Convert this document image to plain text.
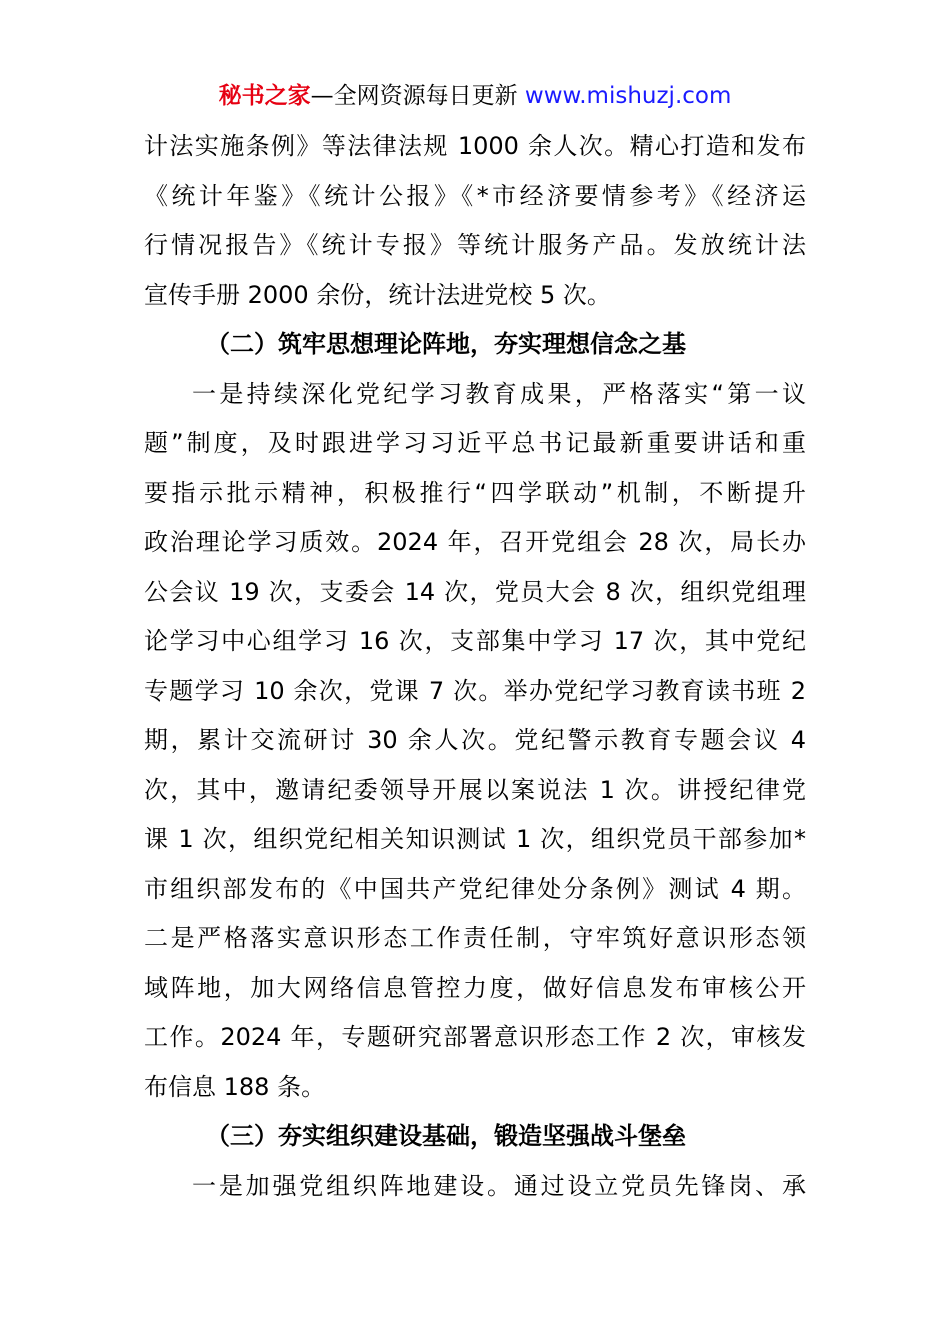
秘书之家—全网资源每日更新 www.mishuzj.com
计法实施条例》等法律法规 1000 余人次。精心打造和发布
《统计年鉴》《统计公报》《*市经济要情参考》《经济运
行情况报告》《统计专报》等统计服务产品。发放统计法
宣传手册 2000 余份，统计法进党校 5 次。
（二）筑牢思想理论阵地，夯实理想信念之基
一是持续深化党纪学习教育成果，严格落实“第一议
题”制度，及时跟进学习习近平总书记最新重要讲话和重
要指示批示精神，积极推行“四学联动”机制，不断提升
政治理论学习质效。2024 年，召开党组会 28 次，局长办
公会议 19 次，支委会 14 次，党员大会 8 次，组织党组理
论学习中心组学习 16 次，支部集中学习 17 次，其中党纪
专题学习 10 余次，党课 7 次。举办党纪学习教育读书班 2
期，累计交流研讨 30 余人次。党纪警示教育专题会议 4
次，其中，邀请纪委领导开展以案说法 1 次。讲授纪律党
课 1 次，组织党纪相关知识测试 1 次，组织党员干部参加*
市组织部发布的《中国共产党纪律处分条例》测试 4 期。
二是严格落实意识形态工作责任制，守牢筑好意识形态领
域阵地，加大网络信息管控力度，做好信息发布审核公开
工作。2024 年，专题研究部署意识形态工作 2 次，审核发
布信息 188 条。
（三）夯实组织建设基础，锻造坚强战斗堡垒
一是加强党组织阵地建设。通过设立党员先锋岗、承
